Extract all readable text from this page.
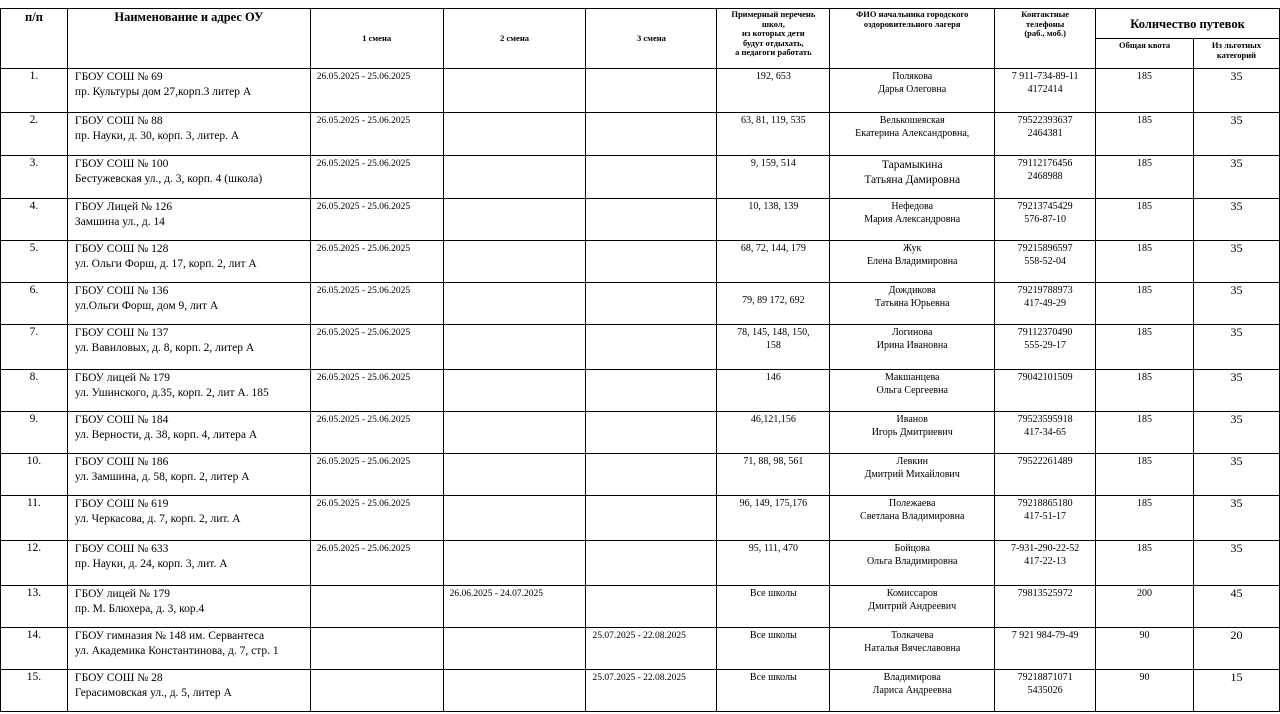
п/п	Наименование и адрес ОУ	1 смена	2 смена	3 смена	Примерный перечень
школ,
из которых дети
будут отдыхать,
а педагоги работать	ФИО начальника городского
оздоровительного лагеря	Контактные
телефоны
(раб., моб.)	Количество путевок	
								Общая квота	Из льготных
категорий
1.	ГБОУ СОШ № 69
пр. Культуры дом 27,корп.3 литер А	26.05.2025 - 25.06.2025			192, 653	Полякова
Дарья Олеговна	7 911-734-89-11
4172414	185	35
2.	ГБОУ СОШ № 88
пр. Науки, д. 30, корп. 3, литер. А	26.05.2025 - 25.06.2025			63, 81, 119, 535	Велькошевская
Екатерина Александровна,	79522393637
2464381	185	35
3.	ГБОУ СОШ № 100
Бестужевская ул., д. 3, корп. 4 (школа)	26.05.2025 - 25.06.2025			9, 159, 514	Тарамыкина
Татьяна Дамировна	79112176456
2468988	185	35
4.	ГБОУ Лицей № 126
Замшина ул., д. 14	26.05.2025 - 25.06.2025			10, 138, 139	Нефедова
Мария Александровна	79213745429
576-87-10	185	35
5.	ГБОУ СОШ № 128
ул. Ольги Форш, д. 17, корп. 2, лит А	26.05.2025 - 25.06.2025			68, 72, 144, 179	Жук
Елена Владимировна	79215896597
558-52-04	185	35
6.	ГБОУ СОШ № 136
ул.Ольги Форш, дом 9, лит А	26.05.2025 - 25.06.2025			79, 89 172, 692	Дождикова
Татьяна Юрьевна	79219788973
417-49-29	185	35
7.	ГБОУ СОШ № 137
ул. Вавиловых, д. 8, корп. 2, литер А	26.05.2025 - 25.06.2025			78, 145, 148, 150,
158	Логинова
Ирина Ивановна	79112370490
555-29-17	185	35
8.	ГБОУ лицей № 179
ул. Ушинского, д.35, корп. 2, лит А. 185	26.05.2025 - 25.06.2025			146	Макшанцева
Ольга Сергеевна	79042101509	185	35
9.	ГБОУ СОШ № 184
ул. Верности, д. 38, корп. 4, литера А	26.05.2025 - 25.06.2025			46,121,156	Иванов
Игорь Дмитриевич	79523595918
417-34-65	185	35
10.	ГБОУ СОШ № 186
ул. Замшина, д. 58, корп. 2, литер А	26.05.2025 - 25.06.2025			71, 88, 98, 561	Левкин
Дмитрий Михайлович	79522261489	185	35
11.	ГБОУ СОШ № 619
ул. Черкасова, д. 7, корп. 2, лит. А	26.05.2025 - 25.06.2025			96, 149, 175,176	Полежаева
Светлана Владимировна	79218865180
417-51-17	185	35
12.	ГБОУ СОШ № 633
пр. Науки, д. 24, корп. 3, лит. А	26.05.2025 - 25.06.2025			95, 111, 470	Бойцова
Ольга Владимировна	7-931-290-22-52
417-22-13	185	35
13.	ГБОУ лицей № 179
пр. М. Блюхера, д. 3, кор.4		26.06.2025 - 24.07.2025		Все школы	Комиссаров
Дмитрий Андреевич	79813525972	200	45
14.	ГБОУ гимназия № 148 им. Сервантеса
ул. Академика Константинова, д. 7, стр. 1			25.07.2025 - 22.08.2025	Все школы	Толкачева
Наталья Вячеславовна	7 921 984-79-49	90	20
15.	ГБОУ СОШ № 28
Герасимовская ул., д. 5, литер А			25.07.2025 - 22.08.2025	Все школы	Владимирова
Лариса Андреевна	79218871071
5435026	90	15
